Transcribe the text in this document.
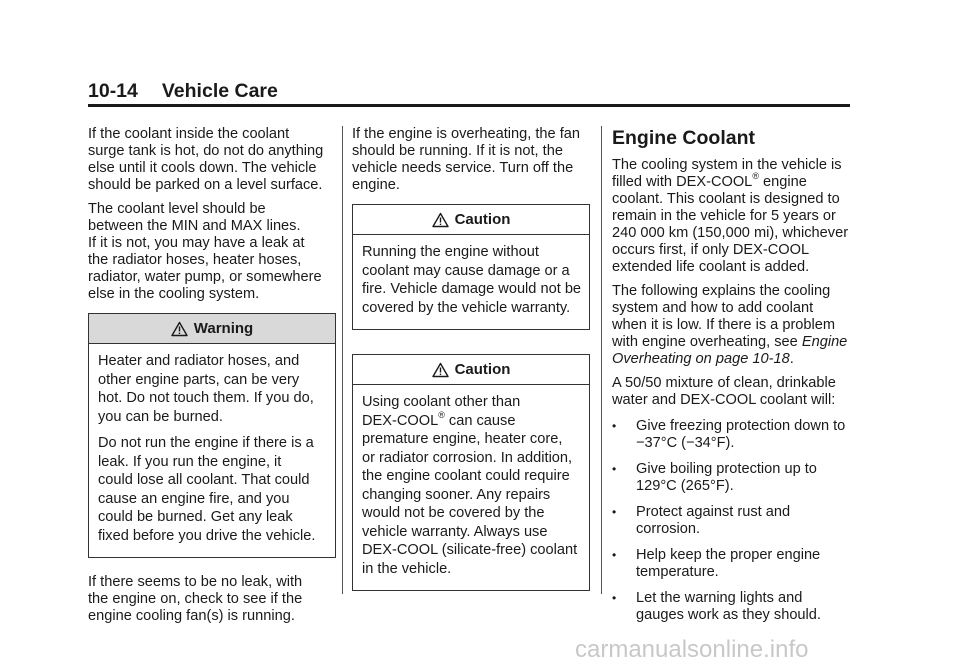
10-14 Vehicle Care
If the coolant inside the coolant
surge tank is hot, do not do anything
else until it cools down. The vehicle
should be parked on a level surface.
The coolant level should be
between the MIN and MAX lines.
If it is not, you may have a leak at
the radiator hoses, heater hoses,
radiator, water pump, or somewhere
else in the cooling system.
Warning
Heater and radiator hoses, and
other engine parts, can be very
hot. Do not touch them. If you do,
you can be burned.
Do not run the engine if there is a
leak. If you run the engine, it
could lose all coolant. That could
cause an engine fire, and you
could be burned. Get any leak
fixed before you drive the vehicle.
If there seems to be no leak, with
the engine on, check to see if the
engine cooling fan(s) is running.
If the engine is overheating, the fan
should be running. If it is not, the
vehicle needs service. Turn off the
engine.
Caution
Running the engine without
coolant may cause damage or a
fire. Vehicle damage would not be
covered by the vehicle warranty.
Caution
Using coolant other than
DEX-COOL® can cause
premature engine, heater core,
or radiator corrosion. In addition,
the engine coolant could require
changing sooner. Any repairs
would not be covered by the
vehicle warranty. Always use
DEX-COOL (silicate-free) coolant
in the vehicle.
Engine Coolant
The cooling system in the vehicle is
filled with DEX-COOL® engine
coolant. This coolant is designed to
remain in the vehicle for 5 years or
240 000 km (150,000 mi), whichever
occurs first, if only DEX-COOL
extended life coolant is added.
The following explains the cooling
system and how to add coolant
when it is low. If there is a problem
with engine overheating, see Engine
Overheating on page 10-18.
A 50/50 mixture of clean, drinkable
water and DEX-COOL coolant will:
•	Give freezing protection down to
−37°C (−34°F).
•	Give boiling protection up to
129°C (265°F).
•	Protect against rust and
corrosion.
•	Help keep the proper engine
temperature.
•	Let the warning lights and
gauges work as they should.
carmanualsonline.info
